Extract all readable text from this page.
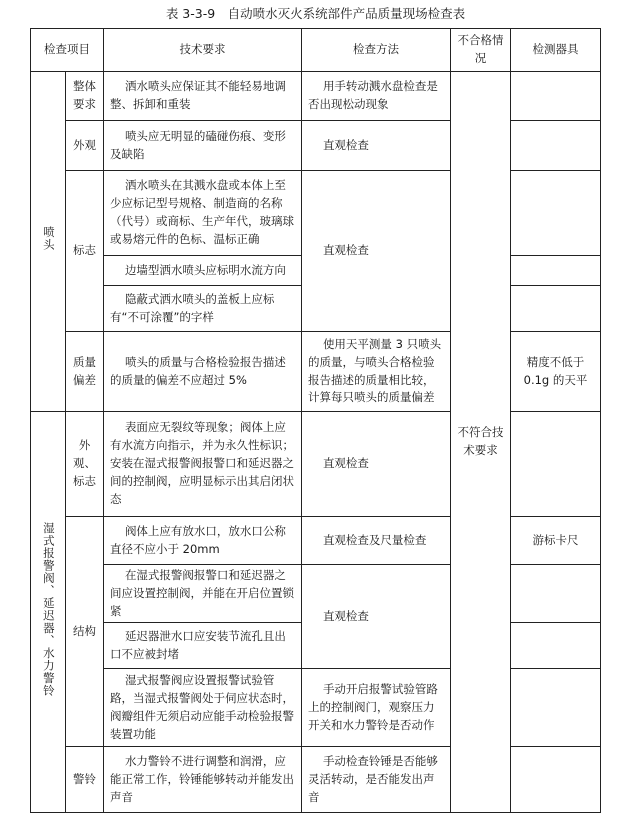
表 3-3-9　自动喷水灭火系统部件产品质量现场检查表
检查项目		技术要求	检查方法	不合格情况	检测器具
喷头	整体要求	洒水喷头应保证其不能轻易地调整、拆卸和重装	用手转动溅水盘检查是否出现松动现象	不符合技术要求	
	外观	喷头应无明显的磕碰伤痕、变形及缺陷	直观检查		
	标志	洒水喷头在其溅水盘或本体上至少应标记型号规格、制造商的名称（代号）或商标、生产年代，玻璃球或易熔元件的色标、温标正确	直观检查		
		边墙型洒水喷头应标明水流方向			
		隐蔽式洒水喷头的盖板上应标有“不可涂覆”的字样			
	质量偏差	喷头的质量与合格检验报告描述的质量的偏差不应超过 5%	使用天平测量 3 只喷头的质量，与喷头合格检验报告描述的质量相比较，计算每只喷头的质量偏差		精度不低于 0.1g 的天平
湿式报警阀、延迟器、水力警铃	外观、标志	表面应无裂纹等现象；阀体上应有水流方向指示，并为永久性标识；安装在湿式报警阀报警口和延迟器之间的控制阀，应明显标示出其启闭状态	直观检查		
	结构	阀体上应有放水口，放水口公称直径不应小于 20mm	直观检查及尺量检查		游标卡尺
		在湿式报警阀报警口和延迟器之间应设置控制阀，并能在开启位置锁紧	直观检查		
		延迟器泄水口应安装节流孔且出口不应被封堵			
		湿式报警阀应设置报警试验管路，当湿式报警阀处于伺应状态时，阀瓣组件无须启动应能手动检验报警装置功能	手动开启报警试验管路上的控制阀门，观察压力开关和水力警铃是否动作		
	警铃	水力警铃不进行调整和润滑，应能正常工作，铃锤能够转动并能发出声音	手动检查铃锤是否能够灵活转动，是否能发出声音		
